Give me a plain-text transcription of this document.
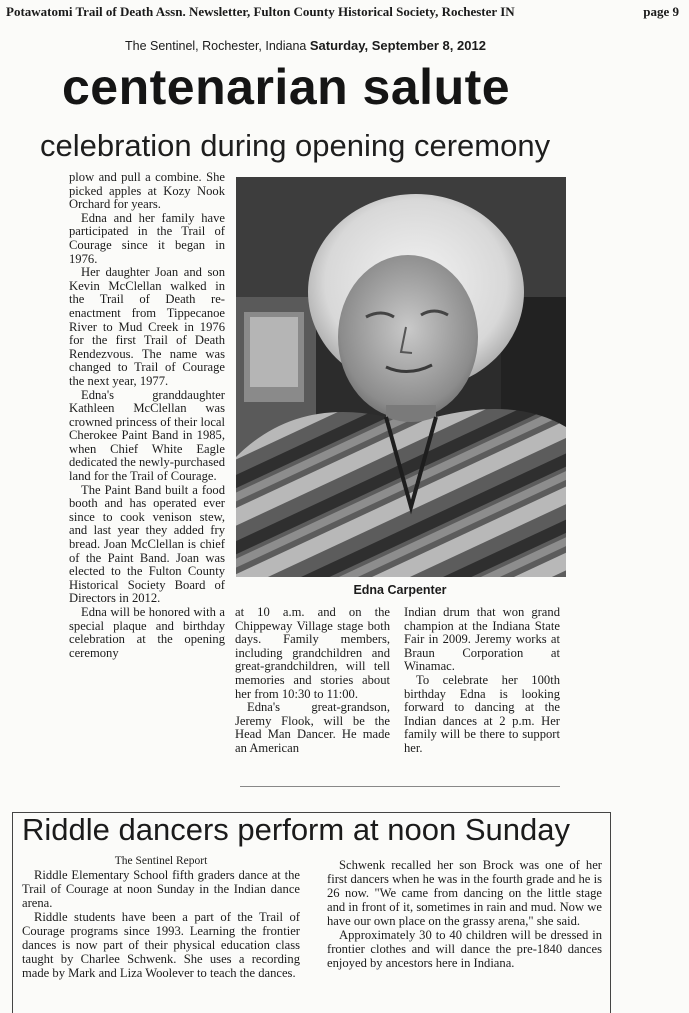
Potawatomi Trail of Death Assn. Newsletter, Fulton County Historical Society, Rochester IN	page 9
The Sentinel, Rochester, Indiana Saturday, September 8, 2012
centenarian salute
celebration during opening ceremony

plow and pull a combine. She picked apples at Kozy Nook Orchard for years.

Edna and her family have participated in the Trail of Courage since it began in 1976.

Her daughter Joan and son Kevin McClellan walked in the Trail of Death re-enactment from Tippecanoe River to Mud Creek in 1976 for the first Trail of Death Rendezvous. The name was changed to Trail of Courage the next year, 1977.

Edna's granddaughter Kathleen McClellan was crowned princess of their local Cherokee Paint Band in 1985, when Chief White Eagle dedicated the newly-purchased land for the Trail of Courage.

The Paint Band built a food booth and has operated ever since to cook venison stew, and last year they added fry bread. Joan McClellan is chief of the Paint Band. Joan was elected to the Fulton County Historical Society Board of Directors in 2012.

Edna will be honored with a special plaque and birthday celebration at the opening ceremony

Edna Carpenter

at 10 a.m. and on the Chippeway Village stage both days. Family members, including grandchildren and great-grandchildren, will tell memories and stories about her from 10:30 to 11:00.

Edna's great-grandson, Jeremy Flook, will be the Head Man Dancer. He made an American

Indian drum that won grand champion at the Indiana State Fair in 2009. Jeremy works at Braun Corporation at Winamac.

To celebrate her 100th birthday Edna is looking forward to dancing at the Indian dances at 2 p.m. Her family will be there to support her.

Riddle dancers perform at noon Sunday

The Sentinel Report

Riddle Elementary School fifth graders dance at the Trail of Courage at noon Sunday in the Indian dance arena.

Riddle students have been a part of the Trail of Courage programs since 1993. Learning the frontier dances is now part of their physical education class taught by Charlee Schwenk. She uses a recording made by Mark and Liza Woolever to teach the dances.

Schwenk recalled her son Brock was one of her first dancers when he was in the fourth grade and he is 26 now. "We came from dancing on the little stage and in front of it, sometimes in rain and mud. Now we have our own place on the grassy arena," she said.

Approximately 30 to 40 children will be dressed in frontier clothes and will dance the pre-1840 dances enjoyed by ancestors here in Indiana.
